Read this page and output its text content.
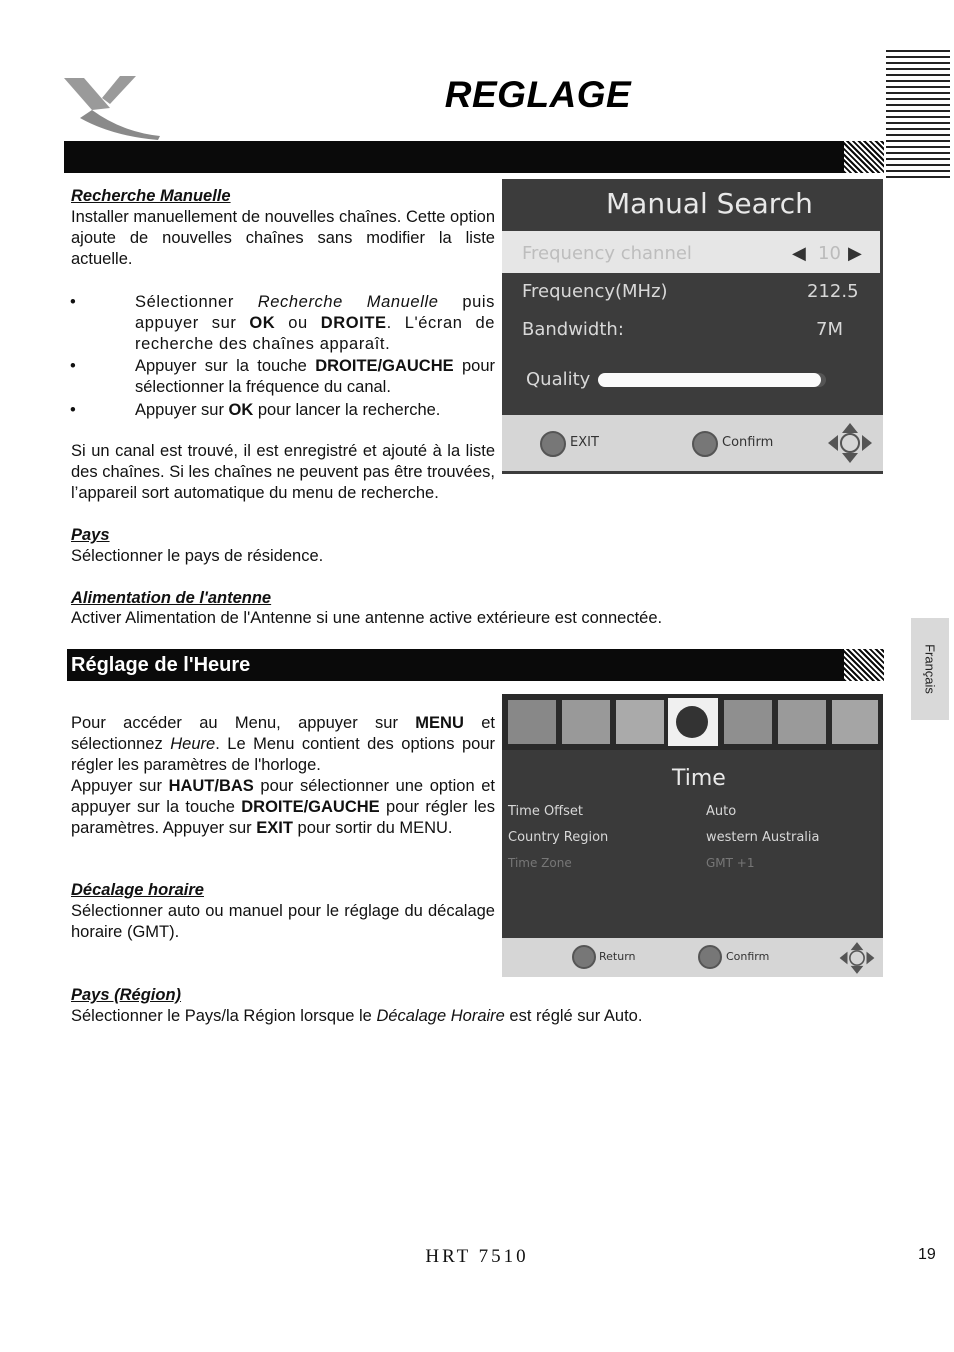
REGLAGE
Recherche Manuelle
Installer manuellement de nouvelles chaînes. Cette option ajoute de nouvelles chaînes sans modifier la liste actuelle.
•	Sélectionner Recherche Manuelle puis appuyer sur OK ou DROITE. L'écran de recherche des chaînes apparaît.
•	Appuyer sur la touche DROITE/GAUCHE pour sélectionner la fréquence du canal.
•	Appuyer sur OK pour lancer la recherche.
Si un canal est trouvé, il est enregistré et ajouté à la liste des chaînes. Si les chaînes ne peuvent pas être trouvées, l’appareil sort automatique du menu de recherche.
Manual Search
Frequency channel	◀ 10 ▶
Frequency(MHz)	212.5
Bandwidth:	7M
Quality
EXIT	Confirm
Pays
Sélectionner le pays de résidence.
Alimentation de l'antenne
Activer Alimentation de l'Antenne si une antenne active extérieure est connectée.
Français
Réglage de l'Heure
Pour accéder au Menu, appuyer sur MENU et sélectionnez Heure. Le Menu contient des options pour régler les paramètres de l'horloge.
Appuyer sur HAUT/BAS pour sélectionner une option et appuyer sur la touche DROITE/GAUCHE pour régler les paramètres. Appuyer sur EXIT pour sortir du MENU.
Décalage horaire
Sélectionner auto ou manuel pour le réglage du décalage horaire (GMT).
Pays (Région)
Sélectionner le Pays/la Région lorsque le Décalage Horaire est réglé sur Auto.
Time
Time Offset	Auto
Country Region	western Australia
Time Zone	GMT +1
Return	Confirm
HRT 7510	19
